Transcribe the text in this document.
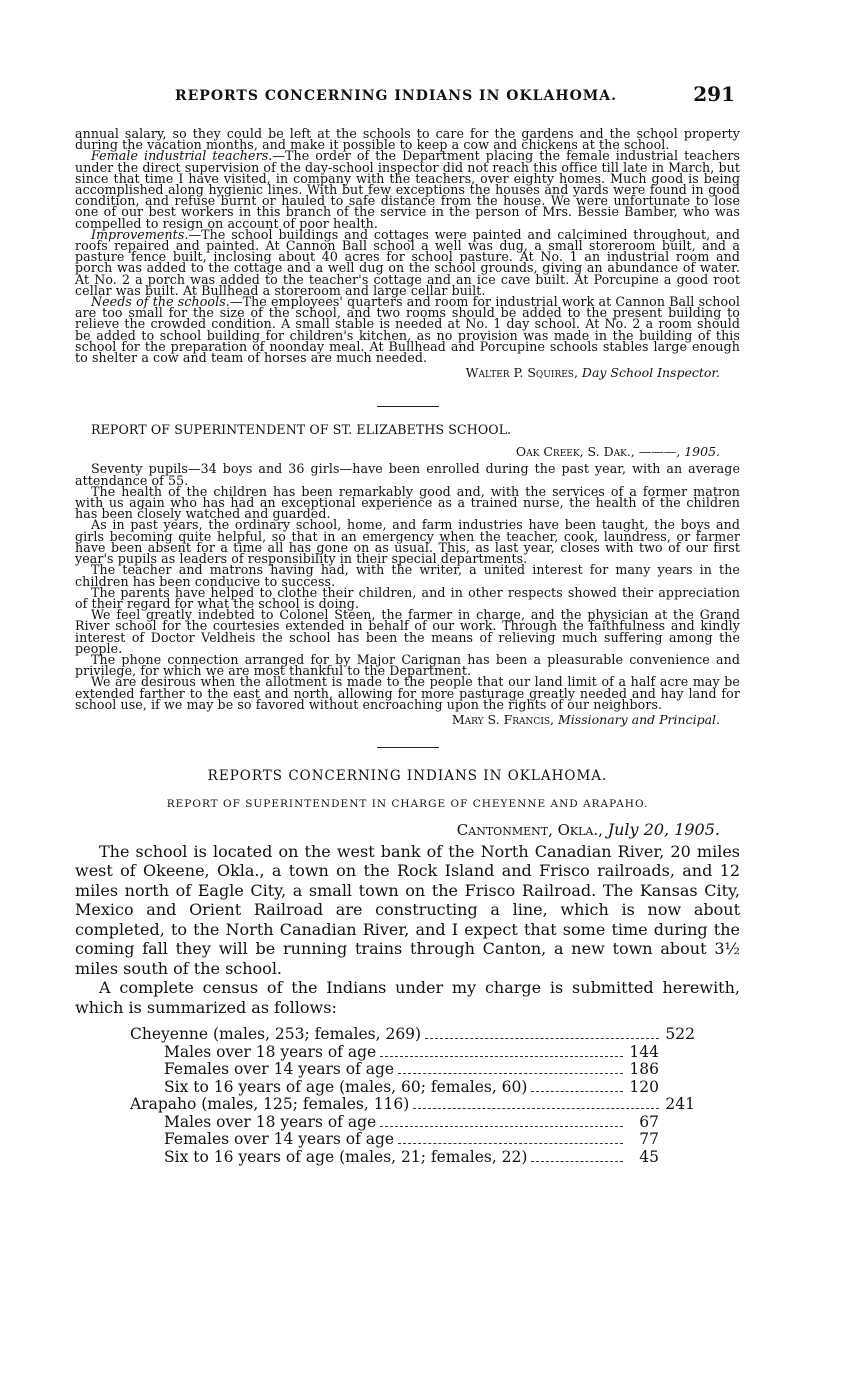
REPORTS CONCERNING INDIANS IN OKLAHOMA.	291

annual salary, so they could be left at the schools to care for the gardens and the school property during the vacation months, and make it possible to keep a cow and chickens at the school.

Female industrial teachers.—The order of the Department placing the female industrial teachers under the direct supervision of the day-school inspector did not reach this office till late in March, but since that time I have visited, in company with the teachers, over eighty homes. Much good is being accomplished along hygienic lines. With but few exceptions the houses and yards were found in good condition, and refuse burnt or hauled to safe distance from the house. We were unfortunate to lose one of our best workers in this branch of the service in the person of Mrs. Bessie Bamber, who was compelled to resign on account of poor health.

Improvements.—The school buildings and cottages were painted and calcimined throughout, and roofs repaired and painted. At Cannon Ball school a well was dug, a small storeroom built, and a pasture fence built, inclosing about 40 acres for school pasture. At No. 1 an industrial room and porch was added to the cottage and a well dug on the school grounds, giving an abundance of water. At No. 2 a porch was added to the teacher's cottage and an ice cave built. At Porcupine a good root cellar was built. At Bullhead a storeroom and large cellar built.

Needs of the schools.—The employees' quarters and room for industrial work at Cannon Ball school are too small for the size of the school, and two rooms should be added to the present building to relieve the crowded condition. A small stable is needed at No. 1 day school. At No. 2 a room should be added to school building for children's kitchen, as no provision was made in the building of this school for the preparation of noonday meal. At Bullhead and Porcupine schools stables large enough to shelter a cow and team of horses are much needed.

Walter P. Squires, Day School Inspector.

REPORT OF SUPERINTENDENT OF ST. ELIZABETHS SCHOOL.

Oak Creek, S. Dak., ———, 1905.

Seventy pupils—34 boys and 36 girls—have been enrolled during the past year, with an average attendance of 55.

The health of the children has been remarkably good and, with the services of a former matron with us again who has had an exceptional experience as a trained nurse, the health of the children has been closely watched and guarded.

As in past years, the ordinary school, home, and farm industries have been taught, the boys and girls becoming quite helpful, so that in an emergency when the teacher, cook, laundress, or farmer have been absent for a time all has gone on as usual. This, as last year, closes with two of our first year's pupils as leaders of responsibility in their special departments.

The teacher and matrons having had, with the writer, a united interest for many years in the children has been conducive to success.

The parents have helped to clothe their children, and in other respects showed their appreciation of their regard for what the school is doing.

We feel greatly indebted to Colonel Steen, the farmer in charge, and the physician at the Grand River school for the courtesies extended in behalf of our work. Through the faithfulness and kindly interest of Doctor Veldheis the school has been the means of relieving much suffering among the people.

The phone connection arranged for by Major Carignan has been a pleasurable convenience and privilege, for which we are most thankful to the Department.

We are desirous when the allotment is made to the people that our land limit of a half acre may be extended farther to the east and north, allowing for more pasturage greatly needed and hay land for school use, if we may be so favored without encroaching upon the rights of our neighbors.

Mary S. Francis, Missionary and Principal.

REPORTS CONCERNING INDIANS IN OKLAHOMA.

REPORT OF SUPERINTENDENT IN CHARGE OF CHEYENNE AND ARAPAHO.

Cantonment, Okla., July 20, 1905.

The school is located on the west bank of the North Canadian River, 20 miles west of Okeene, Okla., a town on the Rock Island and Frisco railroads, and 12 miles north of Eagle City, a small town on the Frisco Railroad. The Kansas City, Mexico and Orient Railroad are constructing a line, which is now about completed, to the North Canadian River, and I expect that some time during the coming fall they will be running trains through Canton, a new town about 3½ miles south of the school.

A complete census of the Indians under my charge is submitted herewith, which is summarized as follows:

Cheyenne (males, 253; females, 269)	522
Males over 18 years of age	144
Females over 14 years of age	186
Six to 16 years of age (males, 60; females, 60)	120
Arapaho (males, 125; females, 116)	241
Males over 18 years of age	67
Females over 14 years of age	77
Six to 16 years of age (males, 21; females, 22)	45
